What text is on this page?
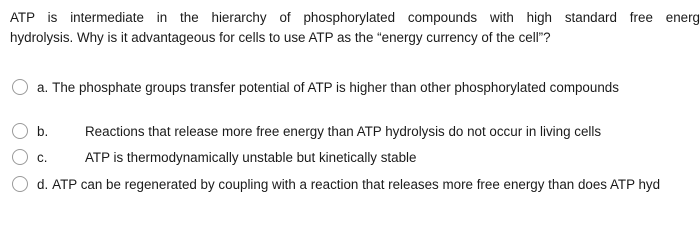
ATP is intermediate in the hierarchy of phosphorylated compounds with high standard free energ
hydrolysis. Why is it advantageous for cells to use ATP as the “energy currency of the cell”?
a. The phosphate groups transfer potential of ATP is higher than other phosphorylated compounds
b.	Reactions that release more free energy than ATP hydrolysis do not occur in living cells
c.	ATP is thermodynamically unstable but kinetically stable
d. ATP can be regenerated by coupling with a reaction that releases more free energy than does ATP hyd
